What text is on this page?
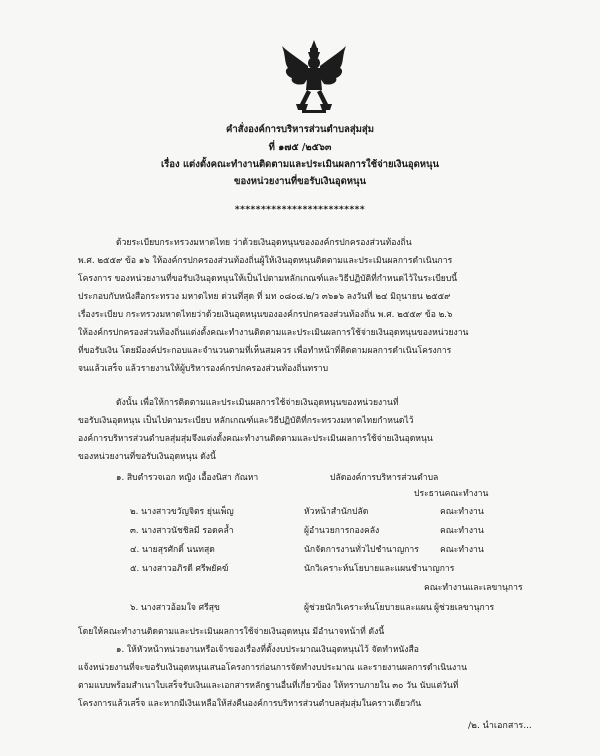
คำสั่งองค์การบริหารส่วนตำบลสุ่มสุ่ม
ที่ ๑๗๕ /๒๕๖๓
เรื่อง แต่งตั้งคณะทำงานติดตามและประเมินผลการใช้จ่ายเงินอุดหนุน
ของหน่วยงานที่ขอรับเงินอุดหนุน
*************************
ด้วยระเบียบกระทรวงมหาดไทย ว่าด้วยเงินอุดหนุนขององค์กรปกครองส่วนท้องถิ่น
พ.ศ. ๒๕๕๙ ข้อ ๑๖ ให้องค์กรปกครองส่วนท้องถิ่นผู้ให้เงินอุดหนุนติดตามและประเมินผลการดำเนินการ
โครงการ ของหน่วยงานที่ขอรับเงินอุดหนุนให้เป็นไปตามหลักเกณฑ์และวิธีปฏิบัติที่กำหนดไว้ในระเบียบนี้
ประกอบกับหนังสือกระทรวง มหาดไทย ด่วนที่สุด ที่ มท ๐๘๐๘.๒/ว ๓๖๑๖ ลงวันที่ ๒๔ มิถุนายน ๒๕๕๙
เรื่องระเบียบ กระทรวงมหาดไทยว่าด้วยเงินอุดหนุนขององค์กรปกครองส่วนท้องถิ่น พ.ศ. ๒๕๕๙ ข้อ ๒.๖
ให้องค์กรปกครองส่วนท้องถิ่นแต่งตั้งคณะทำงานติดตามและประเมินผลการใช้จ่ายเงินอุดหนุนของหน่วยงาน
ที่ขอรับเงิน โดยมีองค์ประกอบและจำนวนตามที่เห็นสมควร เพื่อทำหน้าที่ติดตามผลการดำเนินโครงการ
จนแล้วเสร็จ แล้วรายงานให้ผู้บริหารองค์กรปกครองส่วนท้องถิ่นทราบ
ดังนั้น เพื่อให้การติดตามและประเมินผลการใช้จ่ายเงินอุดหนุนของหน่วยงานที่
ขอรับเงินอุดหนุน เป็นไปตามระเบียบ หลักเกณฑ์และวิธีปฏิบัติที่กระทรวงมหาดไทยกำหนดไว้
องค์การบริหารส่วนตำบลสุ่มสุ่มจึงแต่งตั้งคณะทำงานติดตามและประเมินผลการใช้จ่ายเงินอุดหนุน
ของหน่วยงานที่ขอรับเงินอุดหนุน ดังนี้
๑. สิบตำรวจเอก หญิง เอื้องนิสา กัณหา	ปลัดองค์การบริหารส่วนตำบล
ประธานคณะทำงาน
๒. นางสาวขวัญจิตร ยุ่นเพ็ญ	หัวหน้าสำนักปลัด	คณะทำงาน
๓. นางสาวนัชชิลมี รอดคล้ำ	ผู้อำนวยการกองคลัง	คณะทำงาน
๔. นายสุรศักดิ์ นนทสุด	นักจัดการงานทั่วไปชำนาญการ คณะทำงาน
๕. นางสาวอภิรดี ศรีพยัคฆ์	นักวิเคราะห์นโยบายและแผนชำนาญการ
คณะทำงานและเลขานุการ
๖. นางสาวอ้อมใจ ศรีสุข	ผู้ช่วยนักวิเคราะห์นโยบายและแผน ผู้ช่วยเลขานุการ
โดยให้คณะทำงานติดตามและประเมินผลการใช้จ่ายเงินอุดหนุน มีอำนาจหน้าที่ ดังนี้
๑. ให้หัวหน้าหน่วยงานหรือเจ้าของเรื่องที่ตั้งงบประมาณเงินอุดหนุนไว้ จัดทำหนังสือ
แจ้งหน่วยงานที่จะขอรับเงินอุดหนุนเสนอโครงการก่อนการจัดทำงบประมาณ และรายงานผลการดำเนินงาน
ตามแบบพร้อมสำเนาใบเสร็จรับเงินและเอกสารหลักฐานอื่นที่เกี่ยวข้อง ให้ทราบภายใน ๓๐ วัน นับแต่วันที่
โครงการแล้วเสร็จ และหากมีเงินเหลือให้ส่งคืนองค์การบริหารส่วนตำบลสุ่มสุ่มในคราวเดียวกัน
/๒. นำเอกสาร...
